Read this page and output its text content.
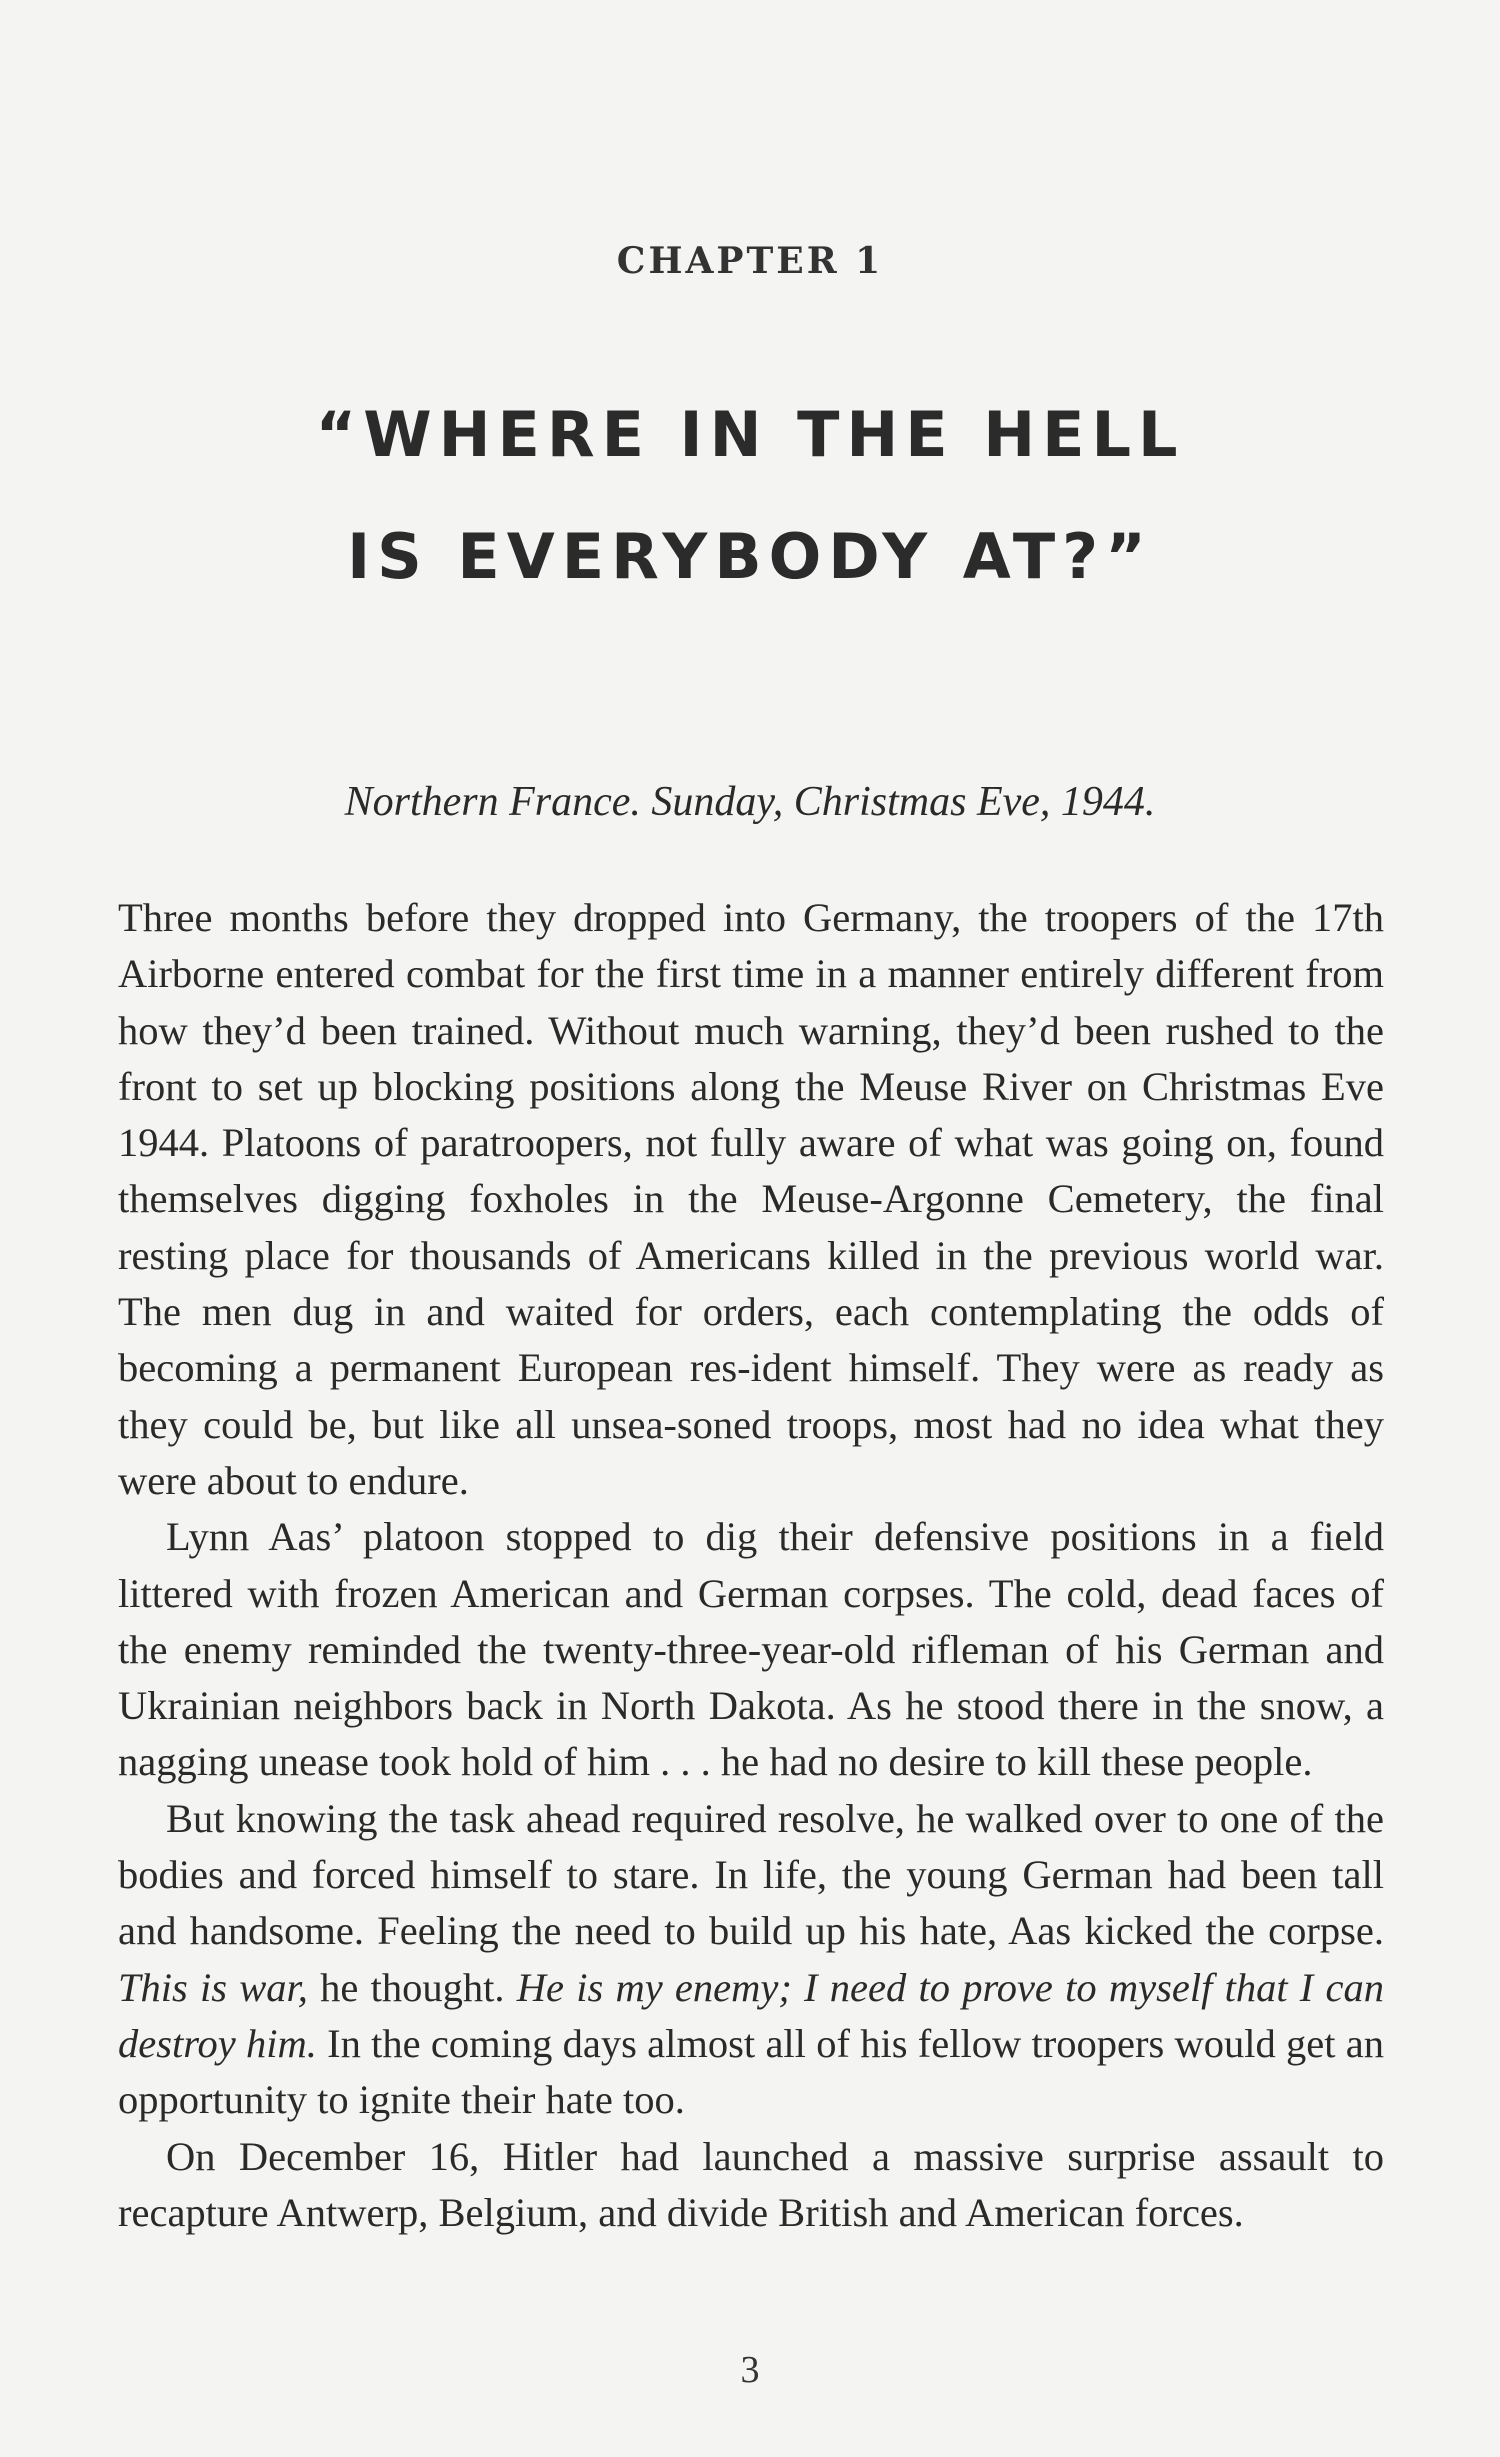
CHAPTER 1
“WHERE IN THE HELL
IS EVERYBODY AT?”
Northern France. Sunday, Christmas Eve, 1944.

Three months before they dropped into Germany, the troopers of the 17th Airborne entered combat for the first time in a manner entirely different from how they’d been trained. Without much warning, they’d been rushed to the front to set up blocking positions along the Meuse River on Christmas Eve 1944. Platoons of paratroopers, not fully aware of what was going on, found themselves digging foxholes in the Meuse-Argonne Cemetery, the final resting place for thousands of Americans killed in the previous world war. The men dug in and waited for orders, each contemplating the odds of becoming a permanent European res-ident himself. They were as ready as they could be, but like all unsea-soned troops, most had no idea what they were about to endure.

Lynn Aas’ platoon stopped to dig their defensive positions in a field littered with frozen American and German corpses. The cold, dead faces of the enemy reminded the twenty-three-year-old rifleman of his German and Ukrainian neighbors back in North Dakota. As he stood there in the snow, a nagging unease took hold of him . . . he had no desire to kill these people.

But knowing the task ahead required resolve, he walked over to one of the bodies and forced himself to stare. In life, the young German had been tall and handsome. Feeling the need to build up his hate, Aas kicked the corpse. This is war, he thought. He is my enemy; I need to prove to myself that I can destroy him. In the coming days almost all of his fellow troopers would get an opportunity to ignite their hate too.

On December 16, Hitler had launched a massive surprise assault to recapture Antwerp, Belgium, and divide British and American forces.

3
